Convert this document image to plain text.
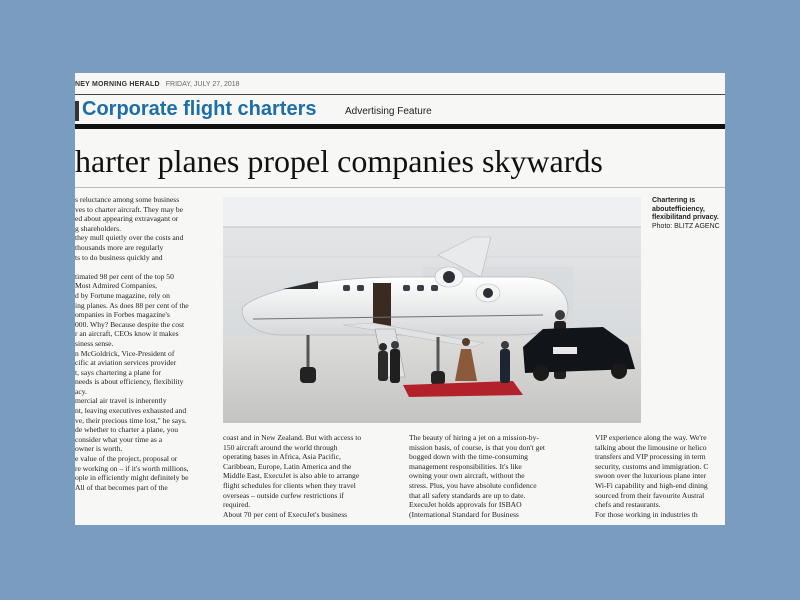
NEY MORNING HERALD FRIDAY, JULY 27, 2018
Corporate flight charters	Advertising Feature
harter planes propel companies skywards
s reluctance among some business
ves to charter aircraft. They may be
ed about appearing extravagant or
g shareholders.
they mull quietly over the costs and
thousands more are regularly
ts to do business quickly and

timated 98 per cent of the top 50
Most Admired Companies,
d by Fortune magazine, rely on
ing planes. As does 88 per cent of the
ompanies in Forbes magazine's
000. Why? Because despite the cost
r an aircraft, CEOs know it makes
siness sense.
n McGoldrick, Vice-President of
cific at aviation services provider
t, says chartering a plane for
needs is about efficiency, flexibility
acy.
mercial air travel is inherently
nt, leaving executives exhausted and
ve, their precious time lost," he says.
de whether to charter a plane, you
consider what your time as a
owner is worth.
e value of the project, proposal or
re working on – if it's worth millions,
ople in efficiently might definitely be
All of that becomes part of the

Chartering is aboutefficiency, flexibilitand privacy.
Photo: BLITZ AGENC
coast and in New Zealand. But with access to
150 aircraft around the world through
operating bases in Africa, Asia Pacific,
Caribbean, Europe, Latin America and the
Middle East, ExecuJet is also able to arrange
flight schedules for clients when they travel
overseas – outside curfew restrictions if
required.
About 70 per cent of ExecuJet's business
The beauty of hiring a jet on a mission-by-
mission basis, of course, is that you don't get
bogged down with the time-consuming
management responsibilities. It's like
owning your own aircraft, without the
stress. Plus, you have absolute confidence
that all safety standards are up to date.
ExecuJet holds approvals for ISBAO
(International Standard for Business
VIP experience along the way. We're
talking about the limousine or helico
transfers and VIP processing in term
security, customs and immigration. C
swoon over the luxurious plane inter
Wi-Fi capability and high-end dining
sourced from their favourite Austral
chefs and restaurants.
For those working in industries th
